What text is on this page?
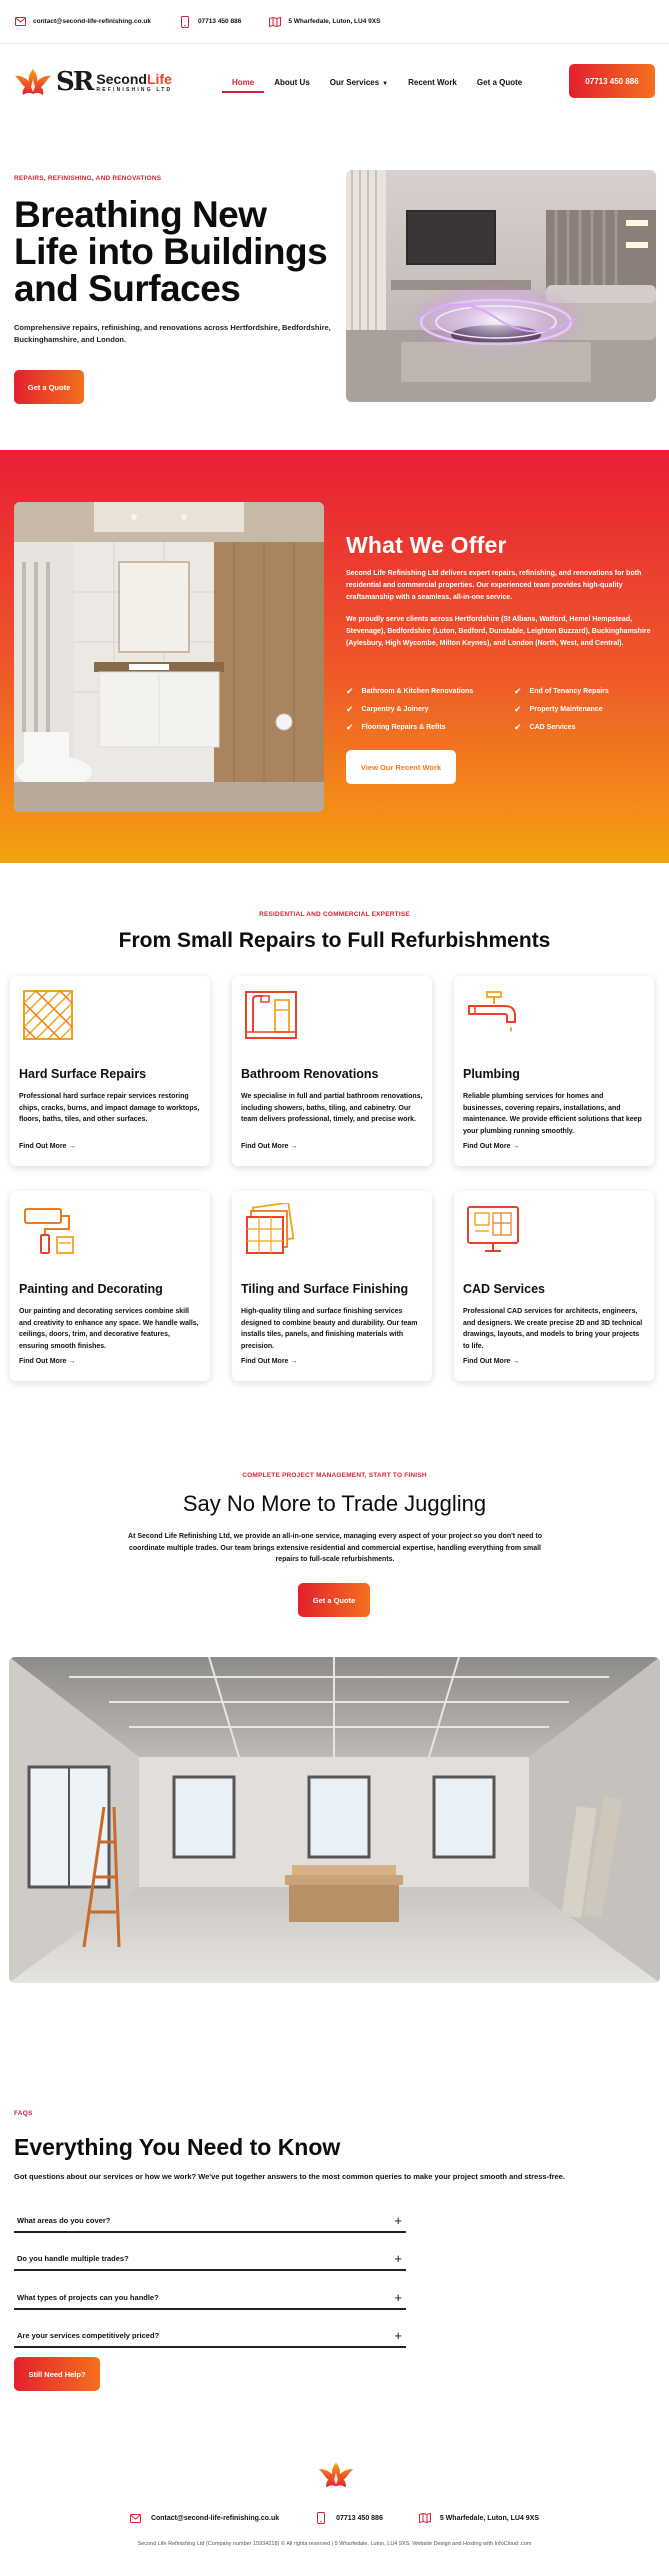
contact@second-life-refinishing.co.uk	07713 450 886	5 Wharfedale, Luton, LU4 9XS
SR SecondLife
REFINISHING LTD
Home	About Us	Our Services ▼	Recent Work	Get a Quote	07713 450 886
REPAIRS, REFINISHING, AND RENOVATIONS
Breathing New Life into Buildings and Surfaces

Comprehensive repairs, refinishing, and renovations across Hertfordshire, Bedfordshire, Buckinghamshire, and London.

Get a Quote
What We Offer

Second Life Refinishing Ltd delivers expert repairs, refinishing, and renovations for both residential and commercial properties. Our experienced team provides high-quality craftsmanship with a seamless, all-in-one service.

We proudly serve clients across Hertfordshire (St Albans, Watford, Hemel Hempstead, Stevenage), Bedfordshire (Luton, Bedford, Dunstable, Leighton Buzzard), Buckinghamshire (Aylesbury, High Wycombe, Milton Keynes), and London (North, West, and Central).

✔ Bathroom & Kitchen Renovations	✔ End of Tenancy Repairs
✔ Carpentry & Joinery	✔ Property Maintenance
✔ Flooring Repairs & Refits	✔ CAD Services
View Our Recent Work
RESIDENTIAL AND COMMERCIAL EXPERTISE
From Small Repairs to Full Refurbishments
Hard Surface Repairs
Professional hard surface repair services restoring chips, cracks, burns, and impact damage to worktops, floors, baths, tiles, and other surfaces.
Find Out More →
Bathroom Renovations
We specialise in full and partial bathroom renovations, including showers, baths, tiling, and cabinetry. Our team delivers professional, timely, and precise work.
Find Out More →
Plumbing
Reliable plumbing services for homes and businesses, covering repairs, installations, and maintenance. We provide efficient solutions that keep your plumbing running smoothly.
Find Out More →
Painting and Decorating
Our painting and decorating services combine skill and creativity to enhance any space. We handle walls, ceilings, doors, trim, and decorative features, ensuring smooth finishes.
Find Out More →
Tiling and Surface Finishing
High-quality tiling and surface finishing services designed to combine beauty and durability. Our team installs tiles, panels, and finishing materials with precision.
Find Out More →
CAD Services
Professional CAD services for architects, engineers, and designers. We create precise 2D and 3D technical drawings, layouts, and models to bring your projects to life.
Find Out More →
COMPLETE PROJECT MANAGEMENT, START TO FINISH
Say No More to Trade Juggling

At Second Life Refinishing Ltd, we provide an all-in-one service, managing every aspect of your project so you don't need to coordinate multiple trades. Our team brings extensive residential and commercial expertise, handling everything from small repairs to full-scale refurbishments.

Get a Quote
FAQS
Everything You Need to Know

Got questions about our services or how we work? We've put together answers to the most common queries to make your project smooth and stress-free.

What areas do you cover?	+
Do you handle multiple trades?	+
What types of projects can you handle?	+
Are your services competitively priced?	+
Still Need Help?
Contact@second-life-refinishing.co.uk	07713 450 886	5 Wharfedale, Luton, LU4 9XS
Second Life Refinishing Ltd (Company number 15934218) © All rights reserved | 5 Wharfedale, Luton, LU4 9XS. Website Design and Hosting with InfoCloud .com
